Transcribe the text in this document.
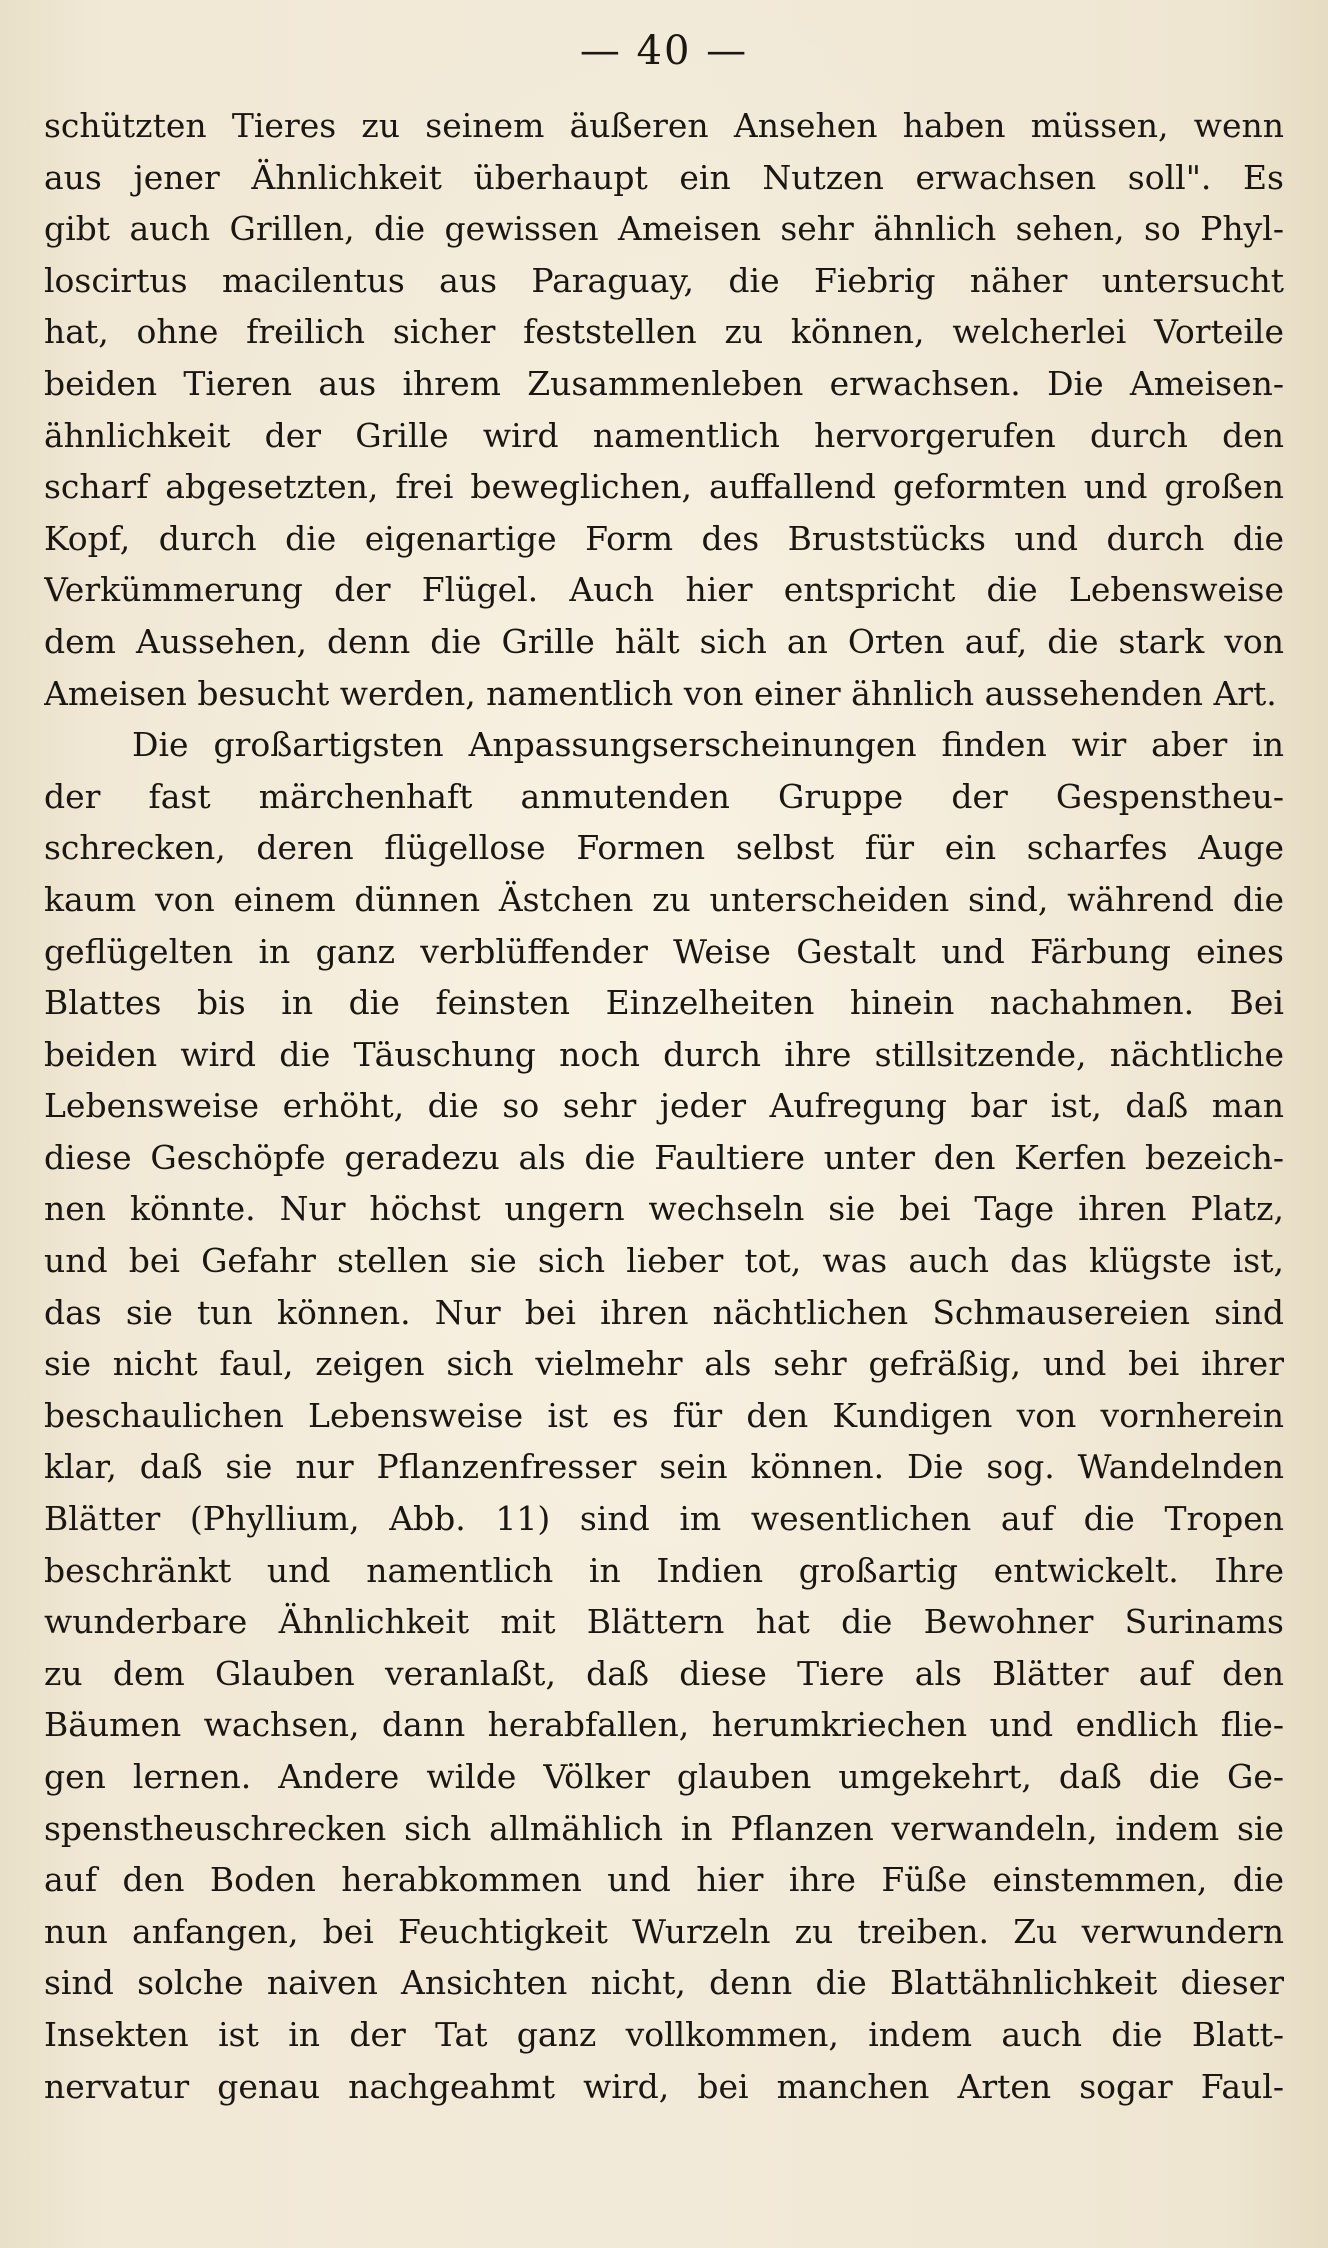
— 40 —
schützten Tieres zu seinem äußeren Ansehen haben müssen, wenn
aus jener Ähnlichkeit überhaupt ein Nutzen erwachsen soll". Es
gibt auch Grillen, die gewissen Ameisen sehr ähnlich sehen, so Phyl-
loscirtus macilentus aus Paraguay, die Fiebrig näher untersucht
hat, ohne freilich sicher feststellen zu können, welcherlei Vorteile
beiden Tieren aus ihrem Zusammenleben erwachsen. Die Ameisen-
ähnlichkeit der Grille wird namentlich hervorgerufen durch den
scharf abgesetzten, frei beweglichen, auffallend geformten und großen
Kopf, durch die eigenartige Form des Bruststücks und durch die
Verkümmerung der Flügel. Auch hier entspricht die Lebensweise
dem Aussehen, denn die Grille hält sich an Orten auf, die stark von
Ameisen besucht werden, namentlich von einer ähnlich aussehenden Art.
Die großartigsten Anpassungserscheinungen finden wir aber in
der fast märchenhaft anmutenden Gruppe der Gespenstheu-
schrecken, deren flügellose Formen selbst für ein scharfes Auge
kaum von einem dünnen Ästchen zu unterscheiden sind, während die
geflügelten in ganz verblüffender Weise Gestalt und Färbung eines
Blattes bis in die feinsten Einzelheiten hinein nachahmen. Bei
beiden wird die Täuschung noch durch ihre stillsitzende, nächtliche
Lebensweise erhöht, die so sehr jeder Aufregung bar ist, daß man
diese Geschöpfe geradezu als die Faultiere unter den Kerfen bezeich-
nen könnte. Nur höchst ungern wechseln sie bei Tage ihren Platz,
und bei Gefahr stellen sie sich lieber tot, was auch das klügste ist,
das sie tun können. Nur bei ihren nächtlichen Schmausereien sind
sie nicht faul, zeigen sich vielmehr als sehr gefräßig, und bei ihrer
beschaulichen Lebensweise ist es für den Kundigen von vornherein
klar, daß sie nur Pflanzenfresser sein können. Die sog. Wandelnden
Blätter (Phyllium, Abb. 11) sind im wesentlichen auf die Tropen
beschränkt und namentlich in Indien großartig entwickelt. Ihre
wunderbare Ähnlichkeit mit Blättern hat die Bewohner Surinams
zu dem Glauben veranlaßt, daß diese Tiere als Blätter auf den
Bäumen wachsen, dann herabfallen, herumkriechen und endlich flie-
gen lernen. Andere wilde Völker glauben umgekehrt, daß die Ge-
spenstheuschrecken sich allmählich in Pflanzen verwandeln, indem sie
auf den Boden herabkommen und hier ihre Füße einstemmen, die
nun anfangen, bei Feuchtigkeit Wurzeln zu treiben. Zu verwundern
sind solche naiven Ansichten nicht, denn die Blattähnlichkeit dieser
Insekten ist in der Tat ganz vollkommen, indem auch die Blatt-
nervatur genau nachgeahmt wird, bei manchen Arten sogar Faul-
